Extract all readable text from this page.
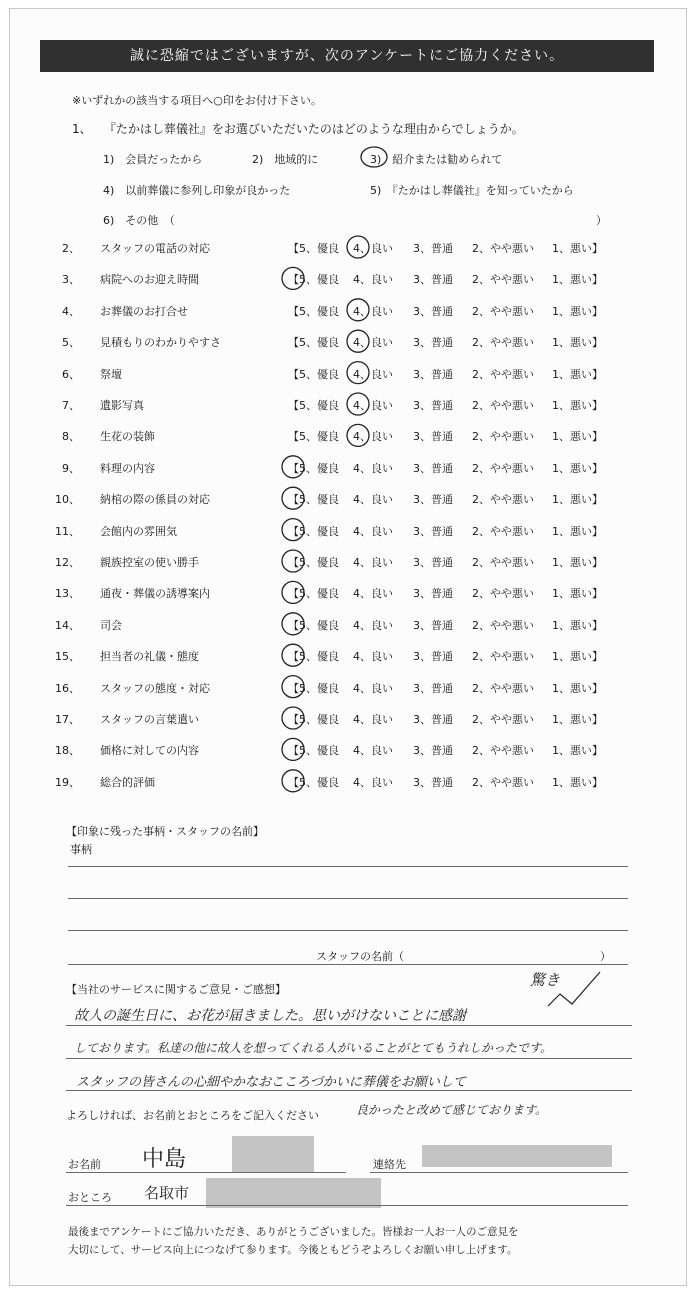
誠に恐縮ではございますが、次のアンケートにご協力ください。
※いずれかの該当する項目へ○印をお付け下さい。
1、 『たかはし葬儀社』をお選びいただいたのはどのような理由からでしょうか。
1)　 会員だったから	2)　 地域的に	3)　 紹介または勧められて
4)　 以前葬儀に参列し印象が良かった	5)　 『たかはし葬儀社』を知っていたから
6)　 その他　（	）
2、 スタッフの電話の対応	【5、優良 4、良い 3、普通 2、やや悪い 1、悪い】
3、 病院へのお迎え時間	【5、優良 4、良い 3、普通 2、やや悪い 1、悪い】
4、 お葬儀のお打合せ	【5、優良 4、良い 3、普通 2、やや悪い 1、悪い】
5、 見積もりのわかりやすさ	【5、優良 4、良い 3、普通 2、やや悪い 1、悪い】
6、 祭壇	【5、優良 4、良い 3、普通 2、やや悪い 1、悪い】
7、 遺影写真	【5、優良 4、良い 3、普通 2、やや悪い 1、悪い】
8、 生花の装飾	【5、優良 4、良い 3、普通 2、やや悪い 1、悪い】
9、 料理の内容	【5、優良 4、良い 3、普通 2、やや悪い 1、悪い】
10、 納棺の際の係員の対応	【5、優良 4、良い 3、普通 2、やや悪い 1、悪い】
11、 会館内の雰囲気	【5、優良 4、良い 3、普通 2、やや悪い 1、悪い】
12、 親族控室の使い勝手	【5、優良 4、良い 3、普通 2、やや悪い 1、悪い】
13、 通夜・葬儀の誘導案内	【5、優良 4、良い 3、普通 2、やや悪い 1、悪い】
14、 司会	【5、優良 4、良い 3、普通 2、やや悪い 1、悪い】
15、 担当者の礼儀・態度	【5、優良 4、良い 3、普通 2、やや悪い 1、悪い】
16、 スタッフの態度・対応	【5、優良 4、良い 3、普通 2、やや悪い 1、悪い】
17、 スタッフの言葉遣い	【5、優良 4、良い 3、普通 2、やや悪い 1、悪い】
18、 価格に対しての内容	【5、優良 4、良い 3、普通 2、やや悪い 1、悪い】
19、 総合的評価	【5、優良 4、良い 3、普通 2、やや悪い 1、悪い】
【印象に残った事柄・スタッフの名前】
事柄
スタッフの名前（	）
【当社のサービスに関するご意見・ご感想】
驚き
故人の誕生日に、お花が届きました。思いがけないことに感謝
しております。私達の他に故人を想ってくれる人がいることがとてもうれしかったです。
スタッフの皆さんの心細やかなおこころづかいに葬儀をお願いして
よろしければ、お名前とおところをご記入ください	良かったと改めて感じております。
お名前 中島	連絡先
おところ 名取市
最後までアンケートにご協力いただき、ありがとうございました。皆様お一人お一人のご意見を
大切にして、サービス向上につなげて参ります。今後ともどうぞよろしくお願い申し上げます。
